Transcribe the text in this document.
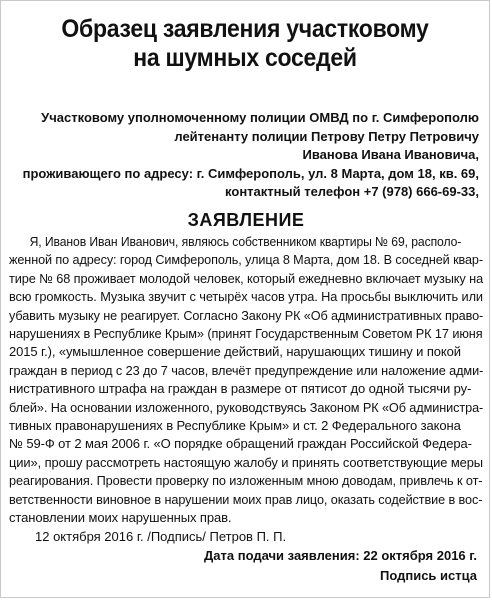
Образец заявления участковому
на шумных соседей
Участковому уполномоченному полиции ОМВД по г. Симферополю
лейтенанту полиции Петрову Петру Петровичу
Иванова Ивана Ивановича,
проживающего по адресу: г. Симферополь, ул. 8 Марта, дом 18, кв. 69,
контактный телефон +7 (978) 666-69-33,
ЗАЯВЛЕНИЕ
Я, Иванов Иван Иванович, являюсь собственником квартиры № 69, располо-
женной по адресу: город Симферополь, улица 8 Марта, дом 18. В соседней квар-
тире № 68 проживает молодой человек, который ежедневно включает музыку на
всю громкость. Музыка звучит с четырёх часов утра. На просьбы выключить или
убавить музыку не реагирует. Согласно Закону РК «Об административных право-
нарушениях в Республике Крым» (принят Государственным Советом РК 17 июня
2015 г.), «умышленное совершение действий, нарушающих тишину и покой
граждан в период с 23 до 7 часов, влечёт предупреждение или наложение адми-
нистративного штрафа на граждан в размере от пятисот до одной тысячи ру-
блей». На основании изложенного, руководствуясь Законом РК «Об администра-
тивных правонарушениях в Республике Крым» и ст. 2 Федерального закона
№ 59-Ф от 2 мая 2006 г. «О порядке обращений граждан Российской Федера-
ции», прошу рассмотреть настоящую жалобу и принять соответствующие меры
реагирования. Провести проверку по изложенным мною доводам, привлечь к от-
ветственности виновное в нарушении моих прав лицо, оказать содействие в вос-
становлении моих нарушенных прав.
12 октября 2016 г. /Подпись/ Петров П. П.
Дата подачи заявления: 22 октября 2016 г.
Подпись истца
